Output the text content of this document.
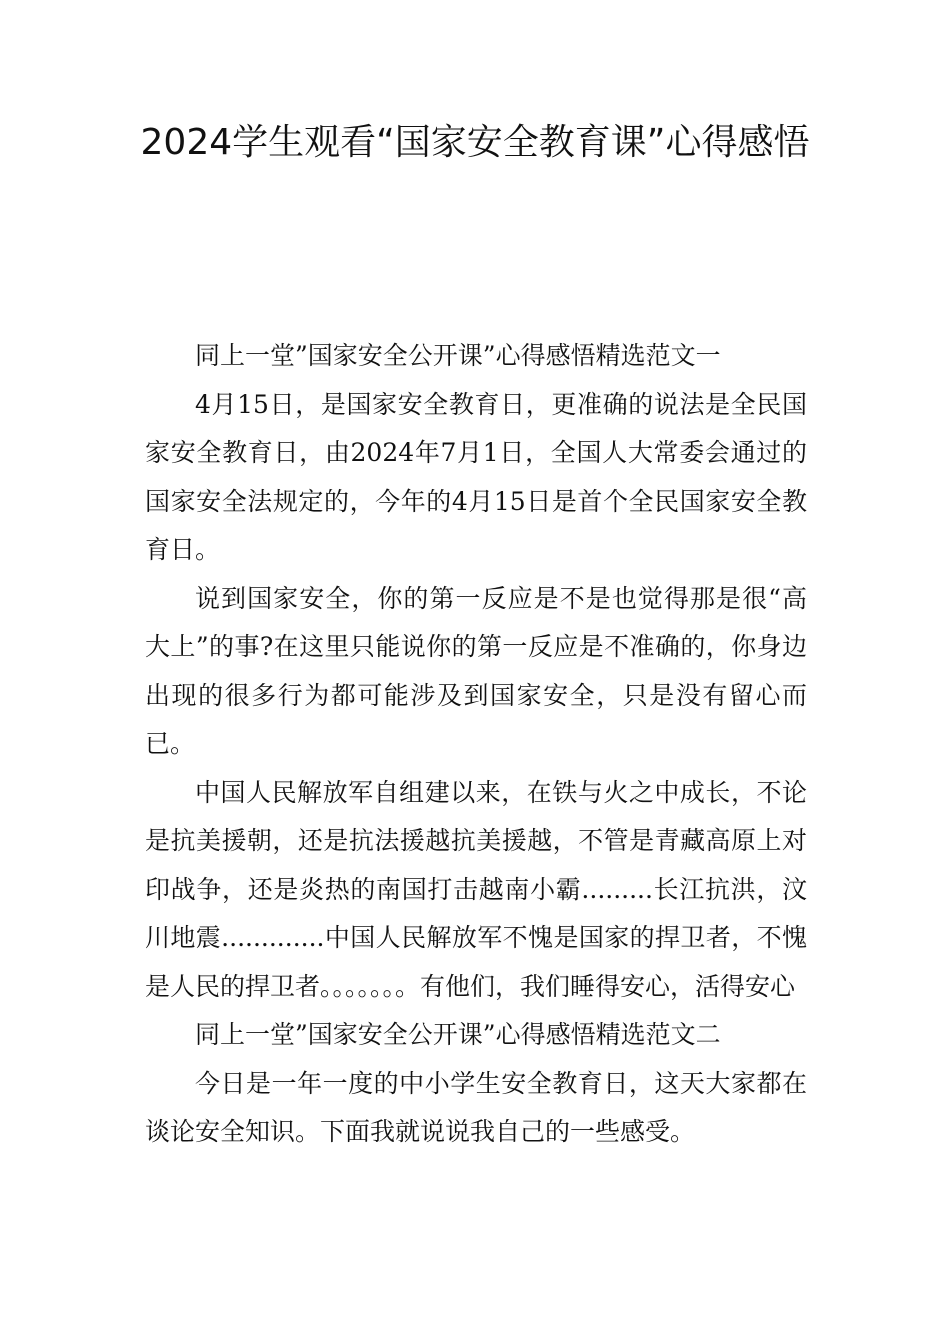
2024学生观看“国家安全教育课”心得感悟

同上一堂”国家安全公开课”心得感悟精选范文一

4月15日，是国家安全教育日，更准确的说法是全民国家安全教育日，由2024年7月1日，全国人大常委会通过的国家安全法规定的，今年的4月15日是首个全民国家安全教育日。

说到国家安全，你的第一反应是不是也觉得那是很“高大上”的事?在这里只能说你的第一反应是不准确的，你身边出现的很多行为都可能涉及到国家安全，只是没有留心而已。

中国人民解放军自组建以来，在铁与火之中成长，不论是抗美援朝，还是抗法援越抗美援越，不管是青藏高原上对印战争，还是炎热的南国打击越南小霸.........长江抗洪，汶川地震.............中国人民解放军不愧是国家的捍卫者，不愧是人民的捍卫者。。。。。。。有他们，我们睡得安心，活得安心

同上一堂”国家安全公开课”心得感悟精选范文二

今日是一年一度的中小学生安全教育日，这天大家都在谈论安全知识。下面我就说说我自己的一些感受。
